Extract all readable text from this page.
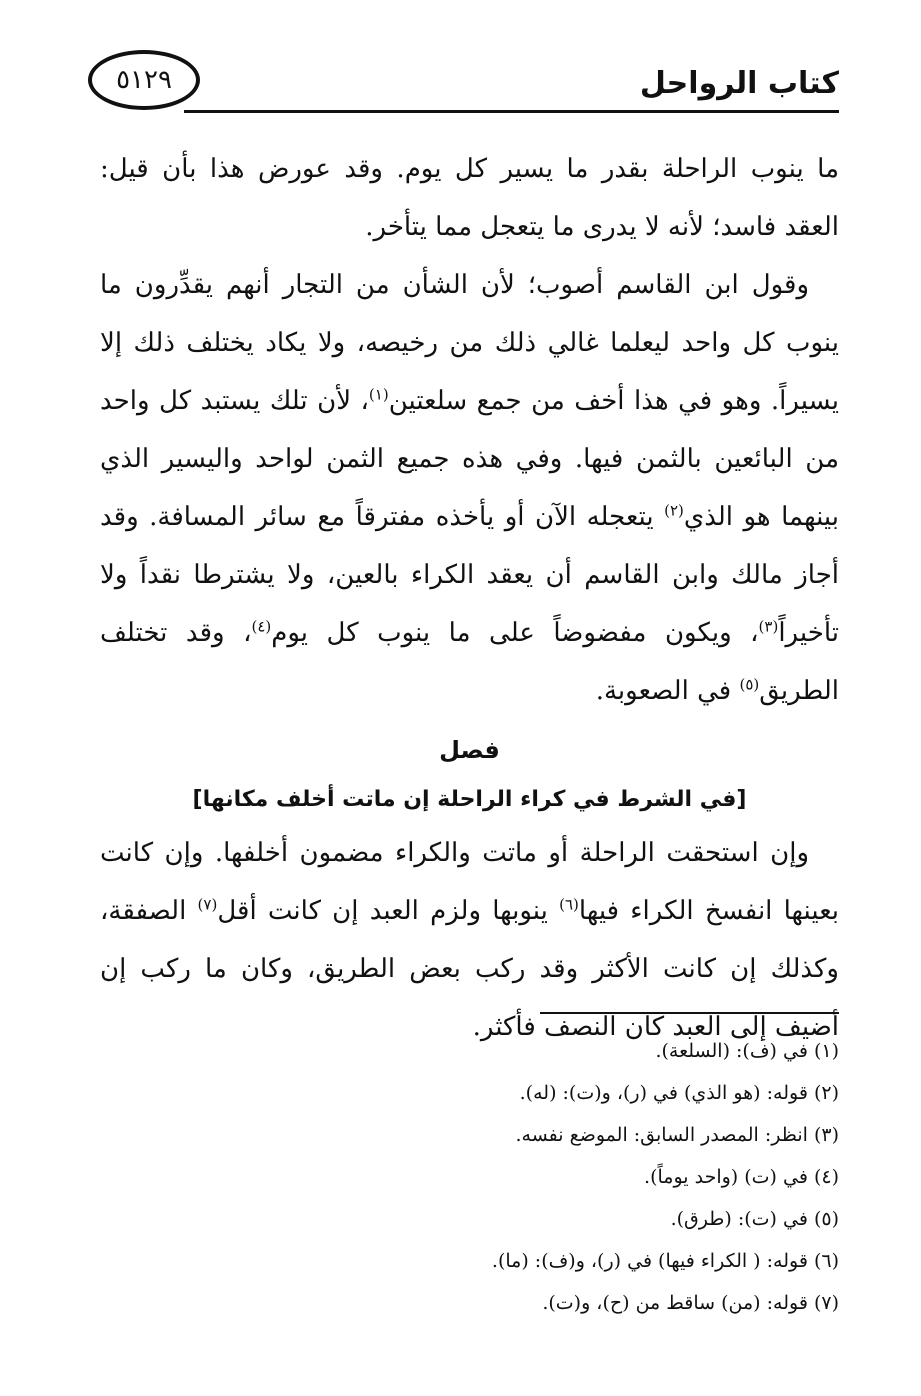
كتاب الرواحل
٥١٢٩

ما ينوب الراحلة بقدر ما يسير كل يوم. وقد عورض هذا بأن قيل: العقد فاسد؛ لأنه لا يدرى ما يتعجل مما يتأخر.

وقول ابن القاسم أصوب؛ لأن الشأن من التجار أنهم يقدِّرون ما ينوب كل واحد ليعلما غالي ذلك من رخيصه، ولا يكاد يختلف ذلك إلا يسيراً. وهو في هذا أخف من جمع سلعتين$^{(١)}$، لأن تلك يستبد كل واحد من البائعين بالثمن فيها. وفي هذه جميع الثمن لواحد واليسير الذي بينهما هو الذي$^{(٢)}$ يتعجله الآن أو يأخذه مفترقاً مع سائر المسافة. وقد أجاز مالك وابن القاسم أن يعقد الكراء بالعين، ولا يشترطا نقداً ولا تأخيراً$^{(٣)}$، ويكون مفضوضاً على ما ينوب كل يوم$^{(٤)}$، وقد تختلف الطريق$^{(٥)}$ في الصعوبة.

فصل
[في الشرط في كراء الراحلة إن ماتت أخلف مكانها]

وإن استحقت الراحلة أو ماتت والكراء مضمون أخلفها. وإن كانت بعينها انفسخ الكراء فيها$^{(٦)}$ ينوبها ولزم العبد إن كانت أقل$^{(٧)}$ الصفقة، وكذلك إن كانت الأكثر وقد ركب بعض الطريق، وكان ما ركب إن أضيف إلى العبد كان النصف فأكثر.

(١) في (ف): (السلعة).
(٢) قوله: (هو الذي) في (ر)، و(ت): (له).
(٣) انظر: المصدر السابق: الموضع نفسه.
(٤) في (ت) (واحد يوماً).
(٥) في (ت): (طرق).
(٦) قوله: ( الكراء فيها) في (ر)، و(ف): (ما).
(٧) قوله: (من) ساقط من (ح)، و(ت).
